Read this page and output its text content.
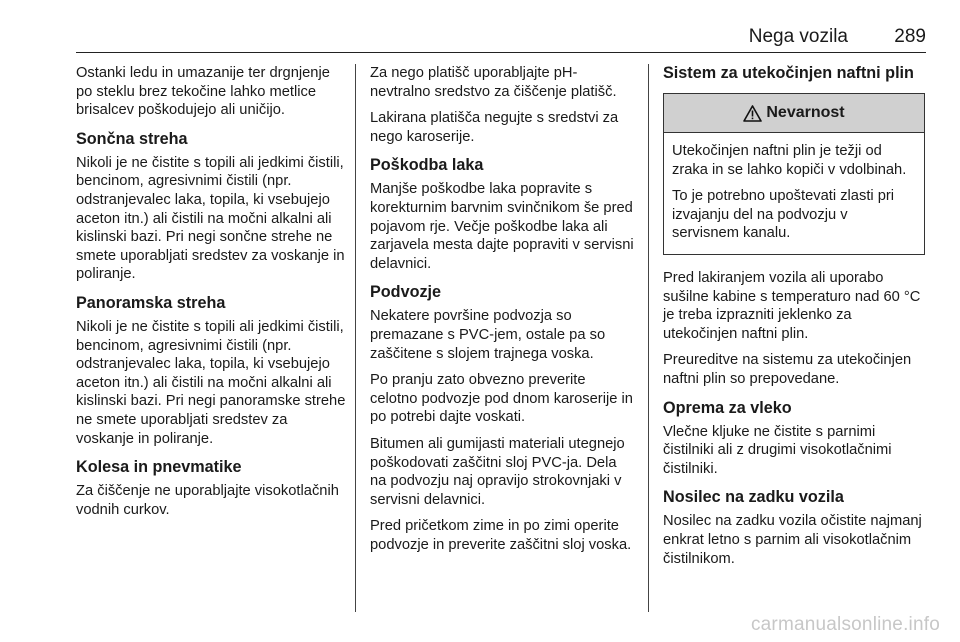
Nega vozila 289

Ostanki ledu in umazanije ter drgnjenje po steklu brez tekočine lahko metlice brisalcev poškodujejo ali uničijo.

Sončna streha

Nikoli je ne čistite s topili ali jedkimi čistili, bencinom, agresivnimi čistili (npr. odstranjevalec laka, topila, ki vsebujejo aceton itn.) ali čistili na močni alkalni ali kislinski bazi. Pri negi sončne strehe ne smete uporabljati sredstev za voskanje in poliranje.

Panoramska streha

Nikoli je ne čistite s topili ali jedkimi čistili, bencinom, agresivnimi čistili (npr. odstranjevalec laka, topila, ki vsebujejo aceton itn.) ali čistili na močni alkalni ali kislinski bazi. Pri negi panoramske strehe ne smete uporabljati sredstev za voskanje in poliranje.

Kolesa in pnevmatike

Za čiščenje ne uporabljajte visokotlačnih vodnih curkov.

Za nego platišč uporabljajte pH-nevtralno sredstvo za čiščenje platišč.

Lakirana platišča negujte s sredstvi za nego karoserije.

Poškodba laka

Manjše poškodbe laka popravite s korekturnim barvnim svinčnikom še pred pojavom rje. Večje poškodbe laka ali zarjavela mesta dajte popraviti v servisni delavnici.

Podvozje

Nekatere površine podvozja so premazane s PVC-jem, ostale pa so zaščitene s slojem trajnega voska.

Po pranju zato obvezno preverite celotno podvozje pod dnom karoserije in po potrebi dajte voskati.

Bitumen ali gumijasti materiali utegnejo poškodovati zaščitni sloj PVC-ja. Dela na podvozju naj opravijo strokovnjaki v servisni delavnici.

Pred pričetkom zime in po zimi operite podvozje in preverite zaščitni sloj voska.

Sistem za utekočinjen naftni plin
Nevarnost

Utekočinjen naftni plin je težji od zraka in se lahko kopiči v vdolbinah.

To je potrebno upoštevati zlasti pri izvajanju del na podvozju v servisnem kanalu.

Pred lakiranjem vozila ali uporabo sušilne kabine s temperaturo nad 60 °C je treba izprazniti jeklenko za utekočinjen naftni plin.

Preureditve na sistemu za utekočinjen naftni plin so prepovedane.

Oprema za vleko

Vlečne kljuke ne čistite s parnimi čistilniki ali z drugimi visokotlačnimi čistilniki.

Nosilec na zadku vozila

Nosilec na zadku vozila očistite najmanj enkrat letno s parnim ali visokotlačnim čistilnikom.

carmanualsonline.info
